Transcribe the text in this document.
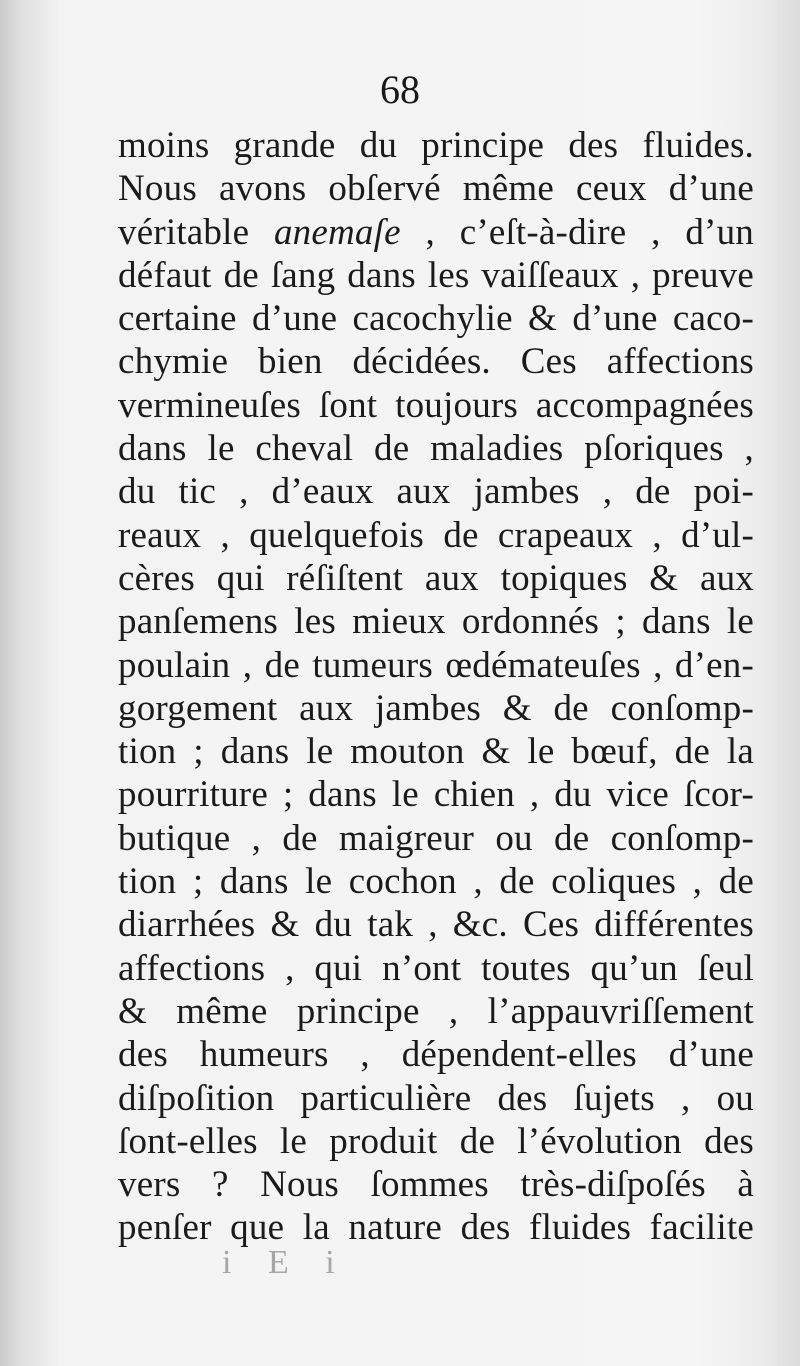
68
moins grande du principe des fluides.
Nous avons obſervé même ceux d’une
véritable anemaſe , c’eſt-à-dire , d’un
défaut de ſang dans les vaiſſeaux , preuve
certaine d’une cacochylie & d’une caco-
chymie bien décidées. Ces affections
vermineuſes ſont toujours accompagnées
dans le cheval de maladies pſoriques ,
du tic , d’eaux aux jambes , de poi-
reaux , quelquefois de crapeaux , d’ul-
cères qui réſiſtent aux topiques & aux
panſemens les mieux ordonnés ; dans le
poulain , de tumeurs œdémateuſes , d’en-
gorgement aux jambes & de conſomp-
tion ; dans le mouton & le bœuf, de la
pourriture ; dans le chien , du vice ſcor-
butique , de maigreur ou de conſomp-
tion ; dans le cochon , de coliques , de
diarrhées & du tak , &c. Ces différentes
affections , qui n’ont toutes qu’un ſeul
& même principe , l’appauvriſſement
des humeurs , dépendent-elles d’une
diſpoſition particulière des ſujets , ou
ſont-elles le produit de l’évolution des
vers ? Nous ſommes très-diſpoſés à
penſer que la nature des fluides facilite
i E i
